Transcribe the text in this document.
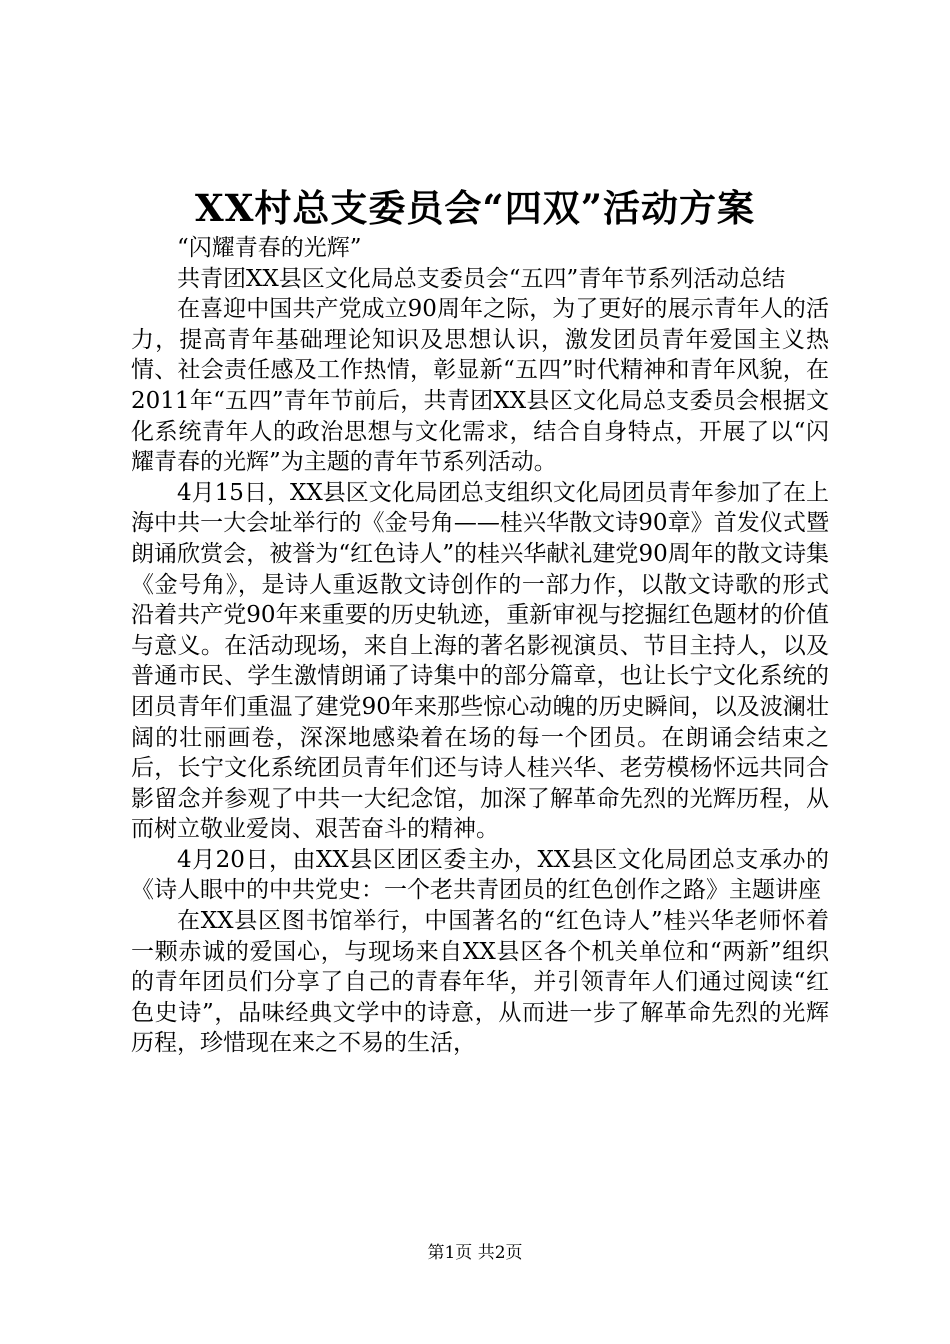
XX村总支委员会“四双”活动方案

“闪耀青春的光辉”

共青团XX县区文化局总支委员会“五四”青年节系列活动总结

在喜迎中国共产党成立90周年之际，为了更好的展示青年人的活力，提高青年基础理论知识及思想认识，激发团员青年爱国主义热情、社会责任感及工作热情，彰显新“五四”时代精神和青年风貌，在2011年“五四”青年节前后，共青团XX县区文化局总支委员会根据文化系统青年人的政治思想与文化需求，结合自身特点，开展了以“闪耀青春的光辉”为主题的青年节系列活动。

4月15日，XX县区文化局团总支组织文化局团员青年参加了在上海中共一大会址举行的《金号角——桂兴华散文诗90章》首发仪式暨朗诵欣赏会，被誉为“红色诗人”的桂兴华献礼建党90周年的散文诗集《金号角》，是诗人重返散文诗创作的一部力作，以散文诗歌的形式沿着共产党90年来重要的历史轨迹，重新审视与挖掘红色题材的价值与意义。在活动现场，来自上海的著名影视演员、节目主持人，以及普通市民、学生激情朗诵了诗集中的部分篇章，也让长宁文化系统的团员青年们重温了建党90年来那些惊心动魄的历史瞬间，以及波澜壮阔的壮丽画卷，深深地感染着在场的每一个团员。在朗诵会结束之后，长宁文化系统团员青年们还与诗人桂兴华、老劳模杨怀远共同合影留念并参观了中共一大纪念馆，加深了解革命先烈的光辉历程，从而树立敬业爱岗、艰苦奋斗的精神。

4月20日，由XX县区团区委主办，XX县区文化局团总支承办的《诗人眼中的中共党史：一个老共青团员的红色创作之路》主题讲座

在XX县区图书馆举行，中国著名的“红色诗人”桂兴华老师怀着一颗赤诚的爱国心，与现场来自XX县区各个机关单位和“两新”组织的青年团员们分享了自己的青春年华，并引领青年人们通过阅读“红色史诗”，品味经典文学中的诗意，从而进一步了解革命先烈的光辉历程，珍惜现在来之不易的生活，

第1页 共2页
